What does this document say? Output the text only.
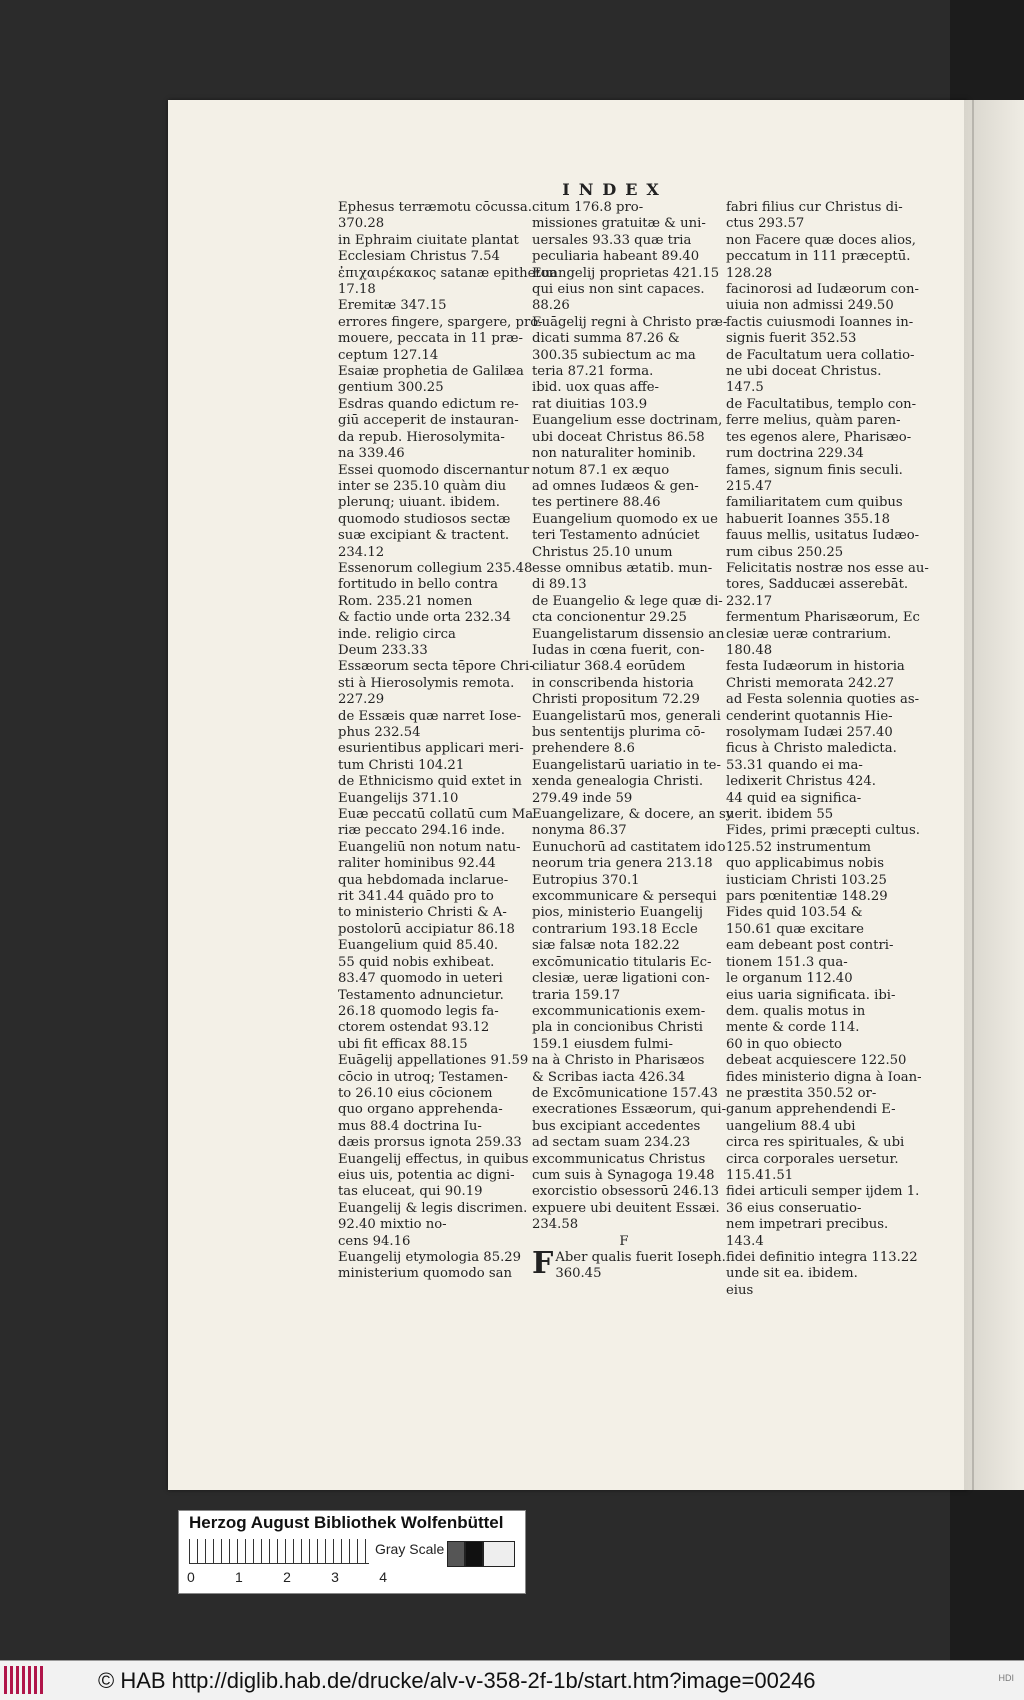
INDEX
Ephesus terræmotu cōcussa.
370.28
in Ephraim ciuitate plantat
Ecclesiam Christus 7.54
ἐπιχαιρέκακος satanæ epitheton
17.18
Eremitæ 347.15
errores fingere, spargere, pro-
mouere, peccata in 11 præ-
ceptum 127.14
Esaiæ prophetia de Galilæa
gentium 300.25
Esdras quando edictum re-
giū acceperit de instauran-
da repub. Hierosolymita-
na 339.46
Essei quomodo discernantur
inter se 235.10 quàm diu
plerunq; uiuant. ibidem.
quomodo studiosos sectæ
suæ excipiant & tractent.
234.12
Essenorum collegium 235.48
fortitudo in bello contra
Rom. 235.21 nomen
& factio unde orta 232.34
inde. religio circa
Deum 233.33
Essæorum secta tēpore Chri-
sti à Hierosolymis remota.
227.29
de Essæis quæ narret Iose-
phus 232.54
esurientibus applicari meri-
tum Christi 104.21
de Ethnicismo quid extet in
Euangelijs 371.10
Euæ peccatū collatū cum Ma
riæ peccato 294.16 inde.
Euangeliū non notum natu-
raliter hominibus 92.44
qua hebdomada inclarue-
rit 341.44 quādo pro to
to ministerio Christi & A-
postolorū accipiatur 86.18
Euangelium quid 85.40.
55 quid nobis exhibeat.
83.47 quomodo in ueteri
Testamento adnuncietur.
26.18 quomodo legis fa-
ctorem ostendat 93.12
ubi fit efficax 88.15
Euāgelij appellationes 91.59
cōcio in utroq; Testamen-
to 26.10 eius cōcionem
quo organo apprehenda-
mus 88.4 doctrina Iu-
dæis prorsus ignota 259.33
Euangelij effectus, in quibus
eius uis, potentia ac digni-
tas eluceat, qui 90.19
Euangelij & legis discrimen.
92.40 mixtio no-
cens 94.16
Euangelij etymologia 85.29
ministerium quomodo san
citum 176.8 pro-
missiones gratuitæ & uni-
uersales 93.33 quæ tria
peculiaria habeant 89.40
Euangelij proprietas 421.15
qui eius non sint capaces.
88.26
Euāgelij regni à Christo præ-
dicati summa 87.26 &
300.35 subiectum ac ma
teria 87.21 forma.
ibid. uox quas affe-
rat diuitias 103.9
Euangelium esse doctrinam,
ubi doceat Christus 86.58
non naturaliter hominib.
notum 87.1 ex æquo
ad omnes Iudæos & gen-
tes pertinere 88.46
Euangelium quomodo ex ue
teri Testamento adnúciet
Christus 25.10 unum
esse omnibus ætatib. mun-
di 89.13
de Euangelio & lege quæ di-
cta concionentur 29.25
Euangelistarum dissensio an
Iudas in cœna fuerit, con-
ciliatur 368.4 eorūdem
in conscribenda historia
Christi propositum 72.29
Euangelistarū mos, generali
bus sententijs plurima cō-
prehendere 8.6
Euangelistarū uariatio in te-
xenda genealogia Christi.
279.49 inde 59
Euangelizare, & docere, an sy
nonyma 86.37
Eunuchorū ad castitatem ido
neorum tria genera 213.18
Eutropius 370.1
excommunicare & persequi
pios, ministerio Euangelij
contrarium 193.18 Eccle
siæ falsæ nota 182.22
excōmunicatio titularis Ec-
clesiæ, ueræ ligationi con-
traria 159.17
excommunicationis exem-
pla in concionibus Christi
159.1 eiusdem fulmi-
na à Christo in Pharisæos
& Scribas iacta 426.34
de Excōmunicatione 157.43
execrationes Essæorum, qui-
bus excipiant accedentes
ad sectam suam 234.23
excommunicatus Christus
cum suis à Synagoga 19.48
exorcistio obsessorū 246.13
expuere ubi deuitent Essæi.
234.58
F
F Aber qualis fuerit Ioseph.
360.45
fabri filius cur Christus di-
ctus 293.57
non Facere quæ doces alios,
peccatum in 111 præceptū.
128.28
facinorosi ad Iudæorum con-
uiuia non admissi 249.50
factis cuiusmodi Ioannes in-
signis fuerit 352.53
de Facultatum uera collatio-
ne ubi doceat Christus.
147.5
de Facultatibus, templo con-
ferre melius, quàm paren-
tes egenos alere, Pharisæo-
rum doctrina 229.34
fames, signum finis seculi.
215.47
familiaritatem cum quibus
habuerit Ioannes 355.18
fauus mellis, usitatus Iudæo-
rum cibus 250.25
Felicitatis nostræ nos esse au-
tores, Sadducæi asserebāt.
232.17
fermentum Pharisæorum, Ec
clesiæ ueræ contrarium.
180.48
festa Iudæorum in historia
Christi memorata 242.27
ad Festa solennia quoties as-
cenderint quotannis Hie-
rosolymam Iudæi 257.40
ficus à Christo maledicta.
53.31 quando ei ma-
ledixerit Christus 424.
44 quid ea significa-
uerit. ibidem 55
Fides, primi præcepti cultus.
125.52 instrumentum
quo applicabimus nobis
iusticiam Christi 103.25
pars pœnitentiæ 148.29
Fides quid 103.54 &
150.61 quæ excitare
eam debeant post contri-
tionem 151.3 qua-
le organum 112.40
eius uaria significata. ibi-
dem. qualis motus in
mente & corde 114.
60 in quo obiecto
debeat acquiescere 122.50
fides ministerio digna à Ioan-
ne præstita 350.52 or-
ganum apprehendendi E-
uangelium 88.4 ubi
circa res spirituales, & ubi
circa corporales uersetur.
115.41.51
fidei articuli semper ijdem 1.
36 eius conseruatio-
nem impetrari precibus.
143.4
fidei definitio integra 113.22
unde sit ea. ibidem.
eius
Herzog August Bibliothek Wolfenbüttel
0	1	2	3	4
Gray Scale
© HAB http://diglib.hab.de/drucke/alv-v-358-2f-1b/start.htm?image=00246	HDI
